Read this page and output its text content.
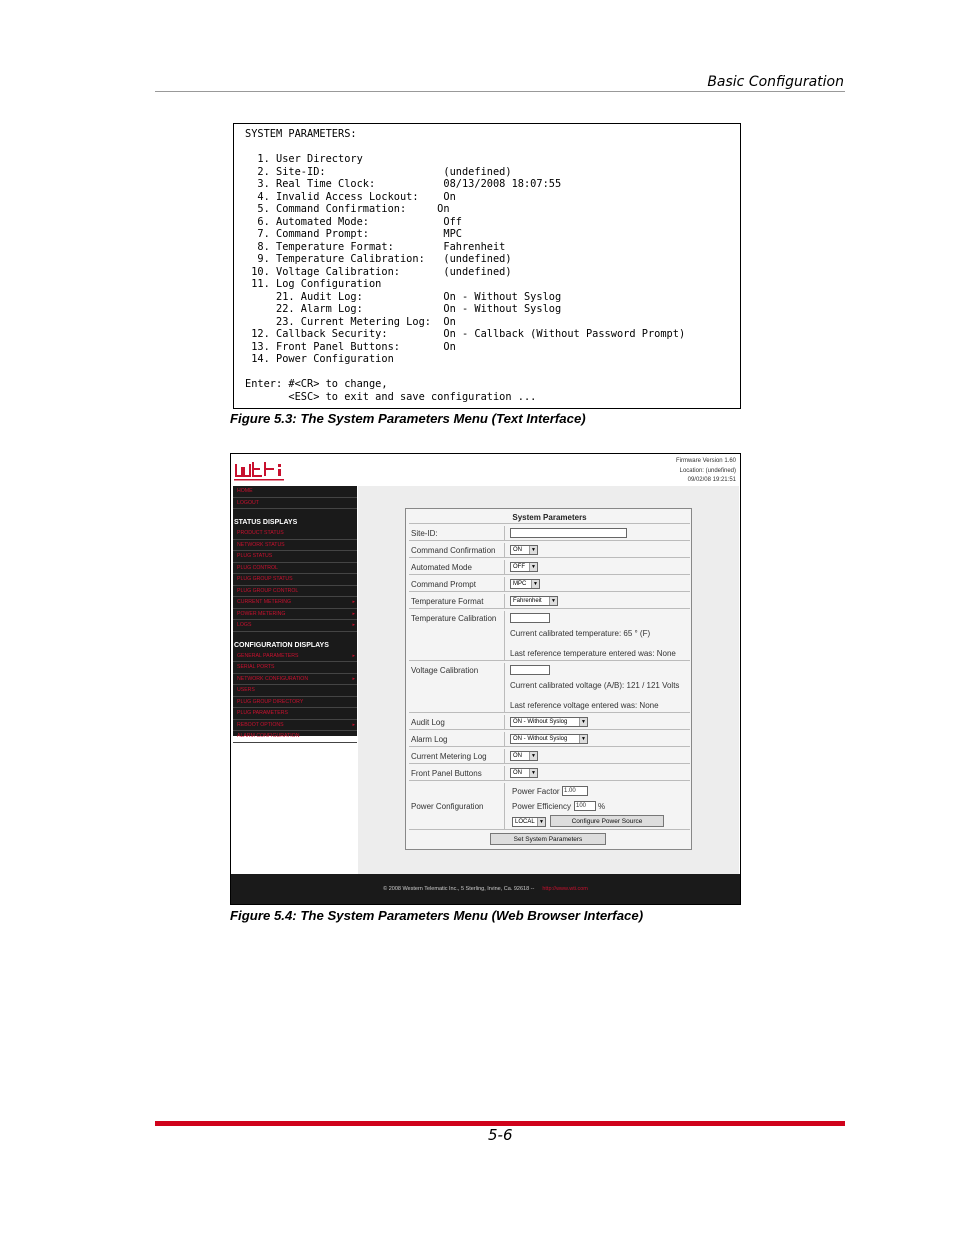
Basic Configuration
SYSTEM PARAMETERS:
1. User Directory
2. Site-ID:                   (undefined)
3. Real Time Clock:           08/13/2008 18:07:55
4. Invalid Access Lockout:    On
5. Command Confirmation:     On
6. Automated Mode:            Off
7. Command Prompt:            MPC
8. Temperature Format:        Fahrenheit
9. Temperature Calibration:   (undefined)
10. Voltage Calibration:       (undefined)
11. Log Configuration
21. Audit Log:             On - Without Syslog
22. Alarm Log:             On - Without Syslog
23. Current Metering Log:  On
12. Callback Security:         On - Callback (Without Password Prompt)
13. Front Panel Buttons:       On
14. Power Configuration
Enter: #<CR> to change,
<ESC> to exit and save configuration ...
Figure 5.3: The System Parameters Menu (Text Interface)
Firmware Version 1.60
Location: (undefined)
09/02/08 19:21:51
HOME
LOGOUT
STATUS DISPLAYS
PRODUCT STATUS
NETWORK STATUS
PLUG STATUS
PLUG CONTROL
PLUG GROUP STATUS
PLUG GROUP CONTROL
CURRENT METERING	▸
POWER METERING	▸
LOGS	▸
CONFIGURATION DISPLAYS
GENERAL PARAMETERS	▸
SERIAL PORTS
NETWORK CONFIGURATION	▸
USERS
PLUG GROUP DIRECTORY
PLUG PARAMETERS
REBOOT OPTIONS	▸
ALARM CONFIGURATION
System Parameters
Site-ID:
Command Confirmation	ON	▼
Automated Mode	OFF	▼
Command Prompt	MPC	▼
Temperature Format	Fahrenheit	▼
Temperature Calibration
Current calibrated temperature: 65 ° (F)
Last reference temperature entered was: None
Voltage Calibration
Current calibrated voltage (A/B): 121 / 121 Volts
Last reference voltage entered was: None
Audit Log	ON - Without Syslog	▼
Alarm Log	ON - Without Syslog	▼
Current Metering Log	ON	▼
Front Panel Buttons	ON	▼
Power Configuration
Power Factor 1.00
Power Efficiency 100	%
LOCAL ▼	Configure Power Source
Set System Parameters
© 2008 Western Telematic Inc., 5 Sterling, Irvine, Ca. 92618 -- http://www.wti.com
Figure 5.4: The System Parameters Menu (Web Browser Interface)
5-6
